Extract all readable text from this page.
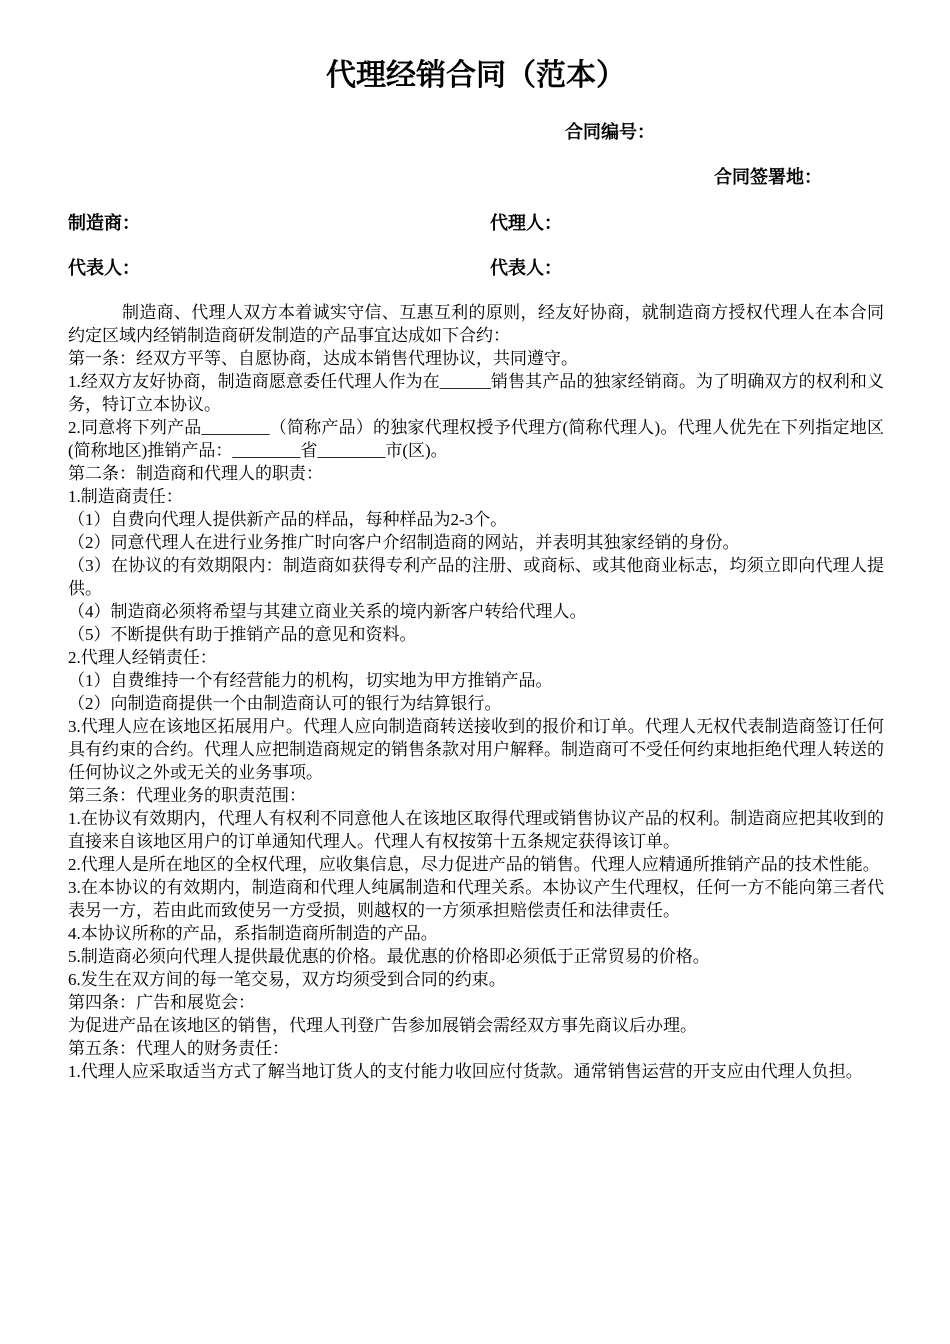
代理经销合同（范本）
合同编号：
合同签署地：
制造商：	代理人：
代表人：	代表人：

制造商、代理人双方本着诚实守信、互惠互利的原则，经友好协商，就制造商方授权代理人在本合同约定区域内经销制造商研发制造的产品事宜达成如下合约：

第一条：经双方平等、自愿协商，达成本销售代理协议，共同遵守。

1.经双方友好协商，制造商愿意委任代理人作为在______销售其产品的独家经销商。为了明确双方的权利和义务，特订立本协议。

2.同意将下列产品________（简称产品）的独家代理权授予代理方(简称代理人)。代理人优先在下列指定地区(简称地区)推销产品：________省________市(区)。

第二条：制造商和代理人的职责：

1.制造商责任：

（1）自费向代理人提供新产品的样品，每种样品为2-3个。

（2）同意代理人在进行业务推广时向客户介绍制造商的网站，并表明其独家经销的身份。

（3）在协议的有效期限内：制造商如获得专利产品的注册、或商标、或其他商业标志，均须立即向代理人提供。

（4）制造商必须将希望与其建立商业关系的境内新客户转给代理人。

（5）不断提供有助于推销产品的意见和资料。

2.代理人经销责任：

（1）自费维持一个有经营能力的机构，切实地为甲方推销产品。

（2）向制造商提供一个由制造商认可的银行为结算银行。

3.代理人应在该地区拓展用户。代理人应向制造商转送接收到的报价和订单。代理人无权代表制造商签订任何具有约束的合约。代理人应把制造商规定的销售条款对用户解释。制造商可不受任何约束地拒绝代理人转送的任何协议之外或无关的业务事项。

第三条：代理业务的职责范围：

1.在协议有效期内，代理人有权利不同意他人在该地区取得代理或销售协议产品的权利。制造商应把其收到的直接来自该地区用户的订单通知代理人。代理人有权按第十五条规定获得该订单。

2.代理人是所在地区的全权代理，应收集信息，尽力促进产品的销售。代理人应精通所推销产品的技术性能。

3.在本协议的有效期内，制造商和代理人纯属制造和代理关系。本协议产生代理权，任何一方不能向第三者代表另一方，若由此而致使另一方受损，则越权的一方须承担赔偿责任和法律责任。

4.本协议所称的产品，系指制造商所制造的产品。

5.制造商必须向代理人提供最优惠的价格。最优惠的价格即必须低于正常贸易的价格。

6.发生在双方间的每一笔交易，双方均须受到合同的约束。

第四条：广告和展览会：

为促进产品在该地区的销售，代理人刊登广告参加展销会需经双方事先商议后办理。

第五条：代理人的财务责任：

1.代理人应采取适当方式了解当地订货人的支付能力收回应付货款。通常销售运营的开支应由代理人负担。
